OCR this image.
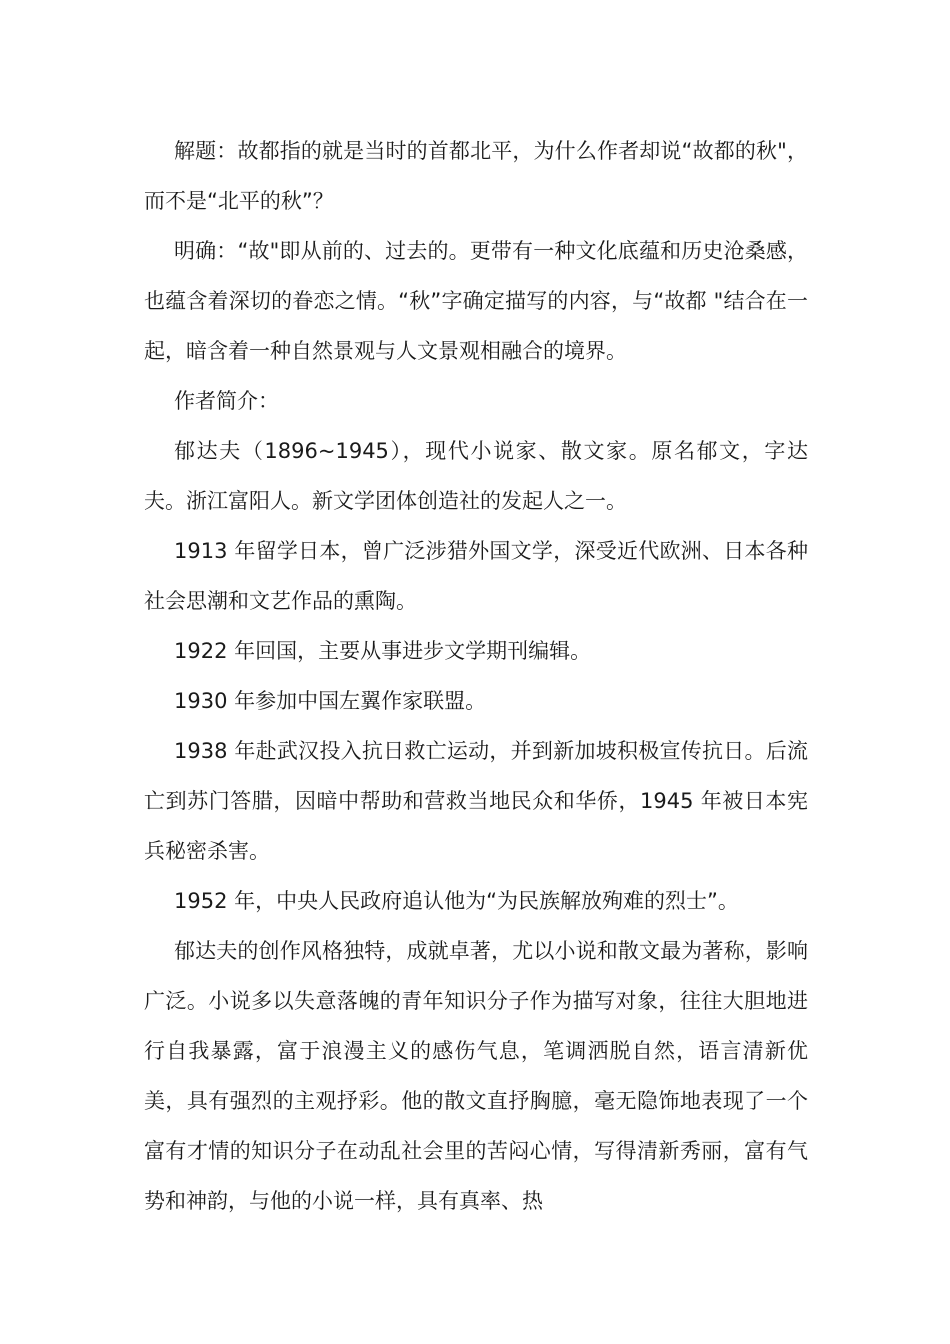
解题：故都指的就是当时的首都北平，为什么作者却说“故都的秋"，而不是“北平的秋”？

明确：“故"即从前的、过去的。更带有一种文化底蕴和历史沧桑感，也蕴含着深切的眷恋之情。“秋”字确定描写的内容，与“故都 "结合在一起，暗含着一种自然景观与人文景观相融合的境界。

作者简介：

郁达夫（1896~1945），现代小说家、散文家。原名郁文，字达夫。浙江富阳人。新文学团体创造社的发起人之一。

1913 年留学日本，曾广泛涉猎外国文学，深受近代欧洲、日本各种社会思潮和文艺作品的熏陶。

1922 年回国，主要从事进步文学期刊编辑。

1930 年参加中国左翼作家联盟。

1938 年赴武汉投入抗日救亡运动，并到新加坡积极宣传抗日。后流亡到苏门答腊，因暗中帮助和营救当地民众和华侨，1945 年被日本宪兵秘密杀害。

1952 年，中央人民政府追认他为“为民族解放殉难的烈士”。

郁达夫的创作风格独特，成就卓著，尤以小说和散文最为著称，影响广泛。小说多以失意落魄的青年知识分子作为描写对象，往往大胆地进行自我暴露，富于浪漫主义的感伤气息，笔调洒脱自然，语言清新优美，具有强烈的主观抒彩。他的散文直抒胸臆，毫无隐饰地表现了一个富有才情的知识分子在动乱社会里的苦闷心情，写得清新秀丽，富有气势和神韵，与他的小说一样，具有真率、热
